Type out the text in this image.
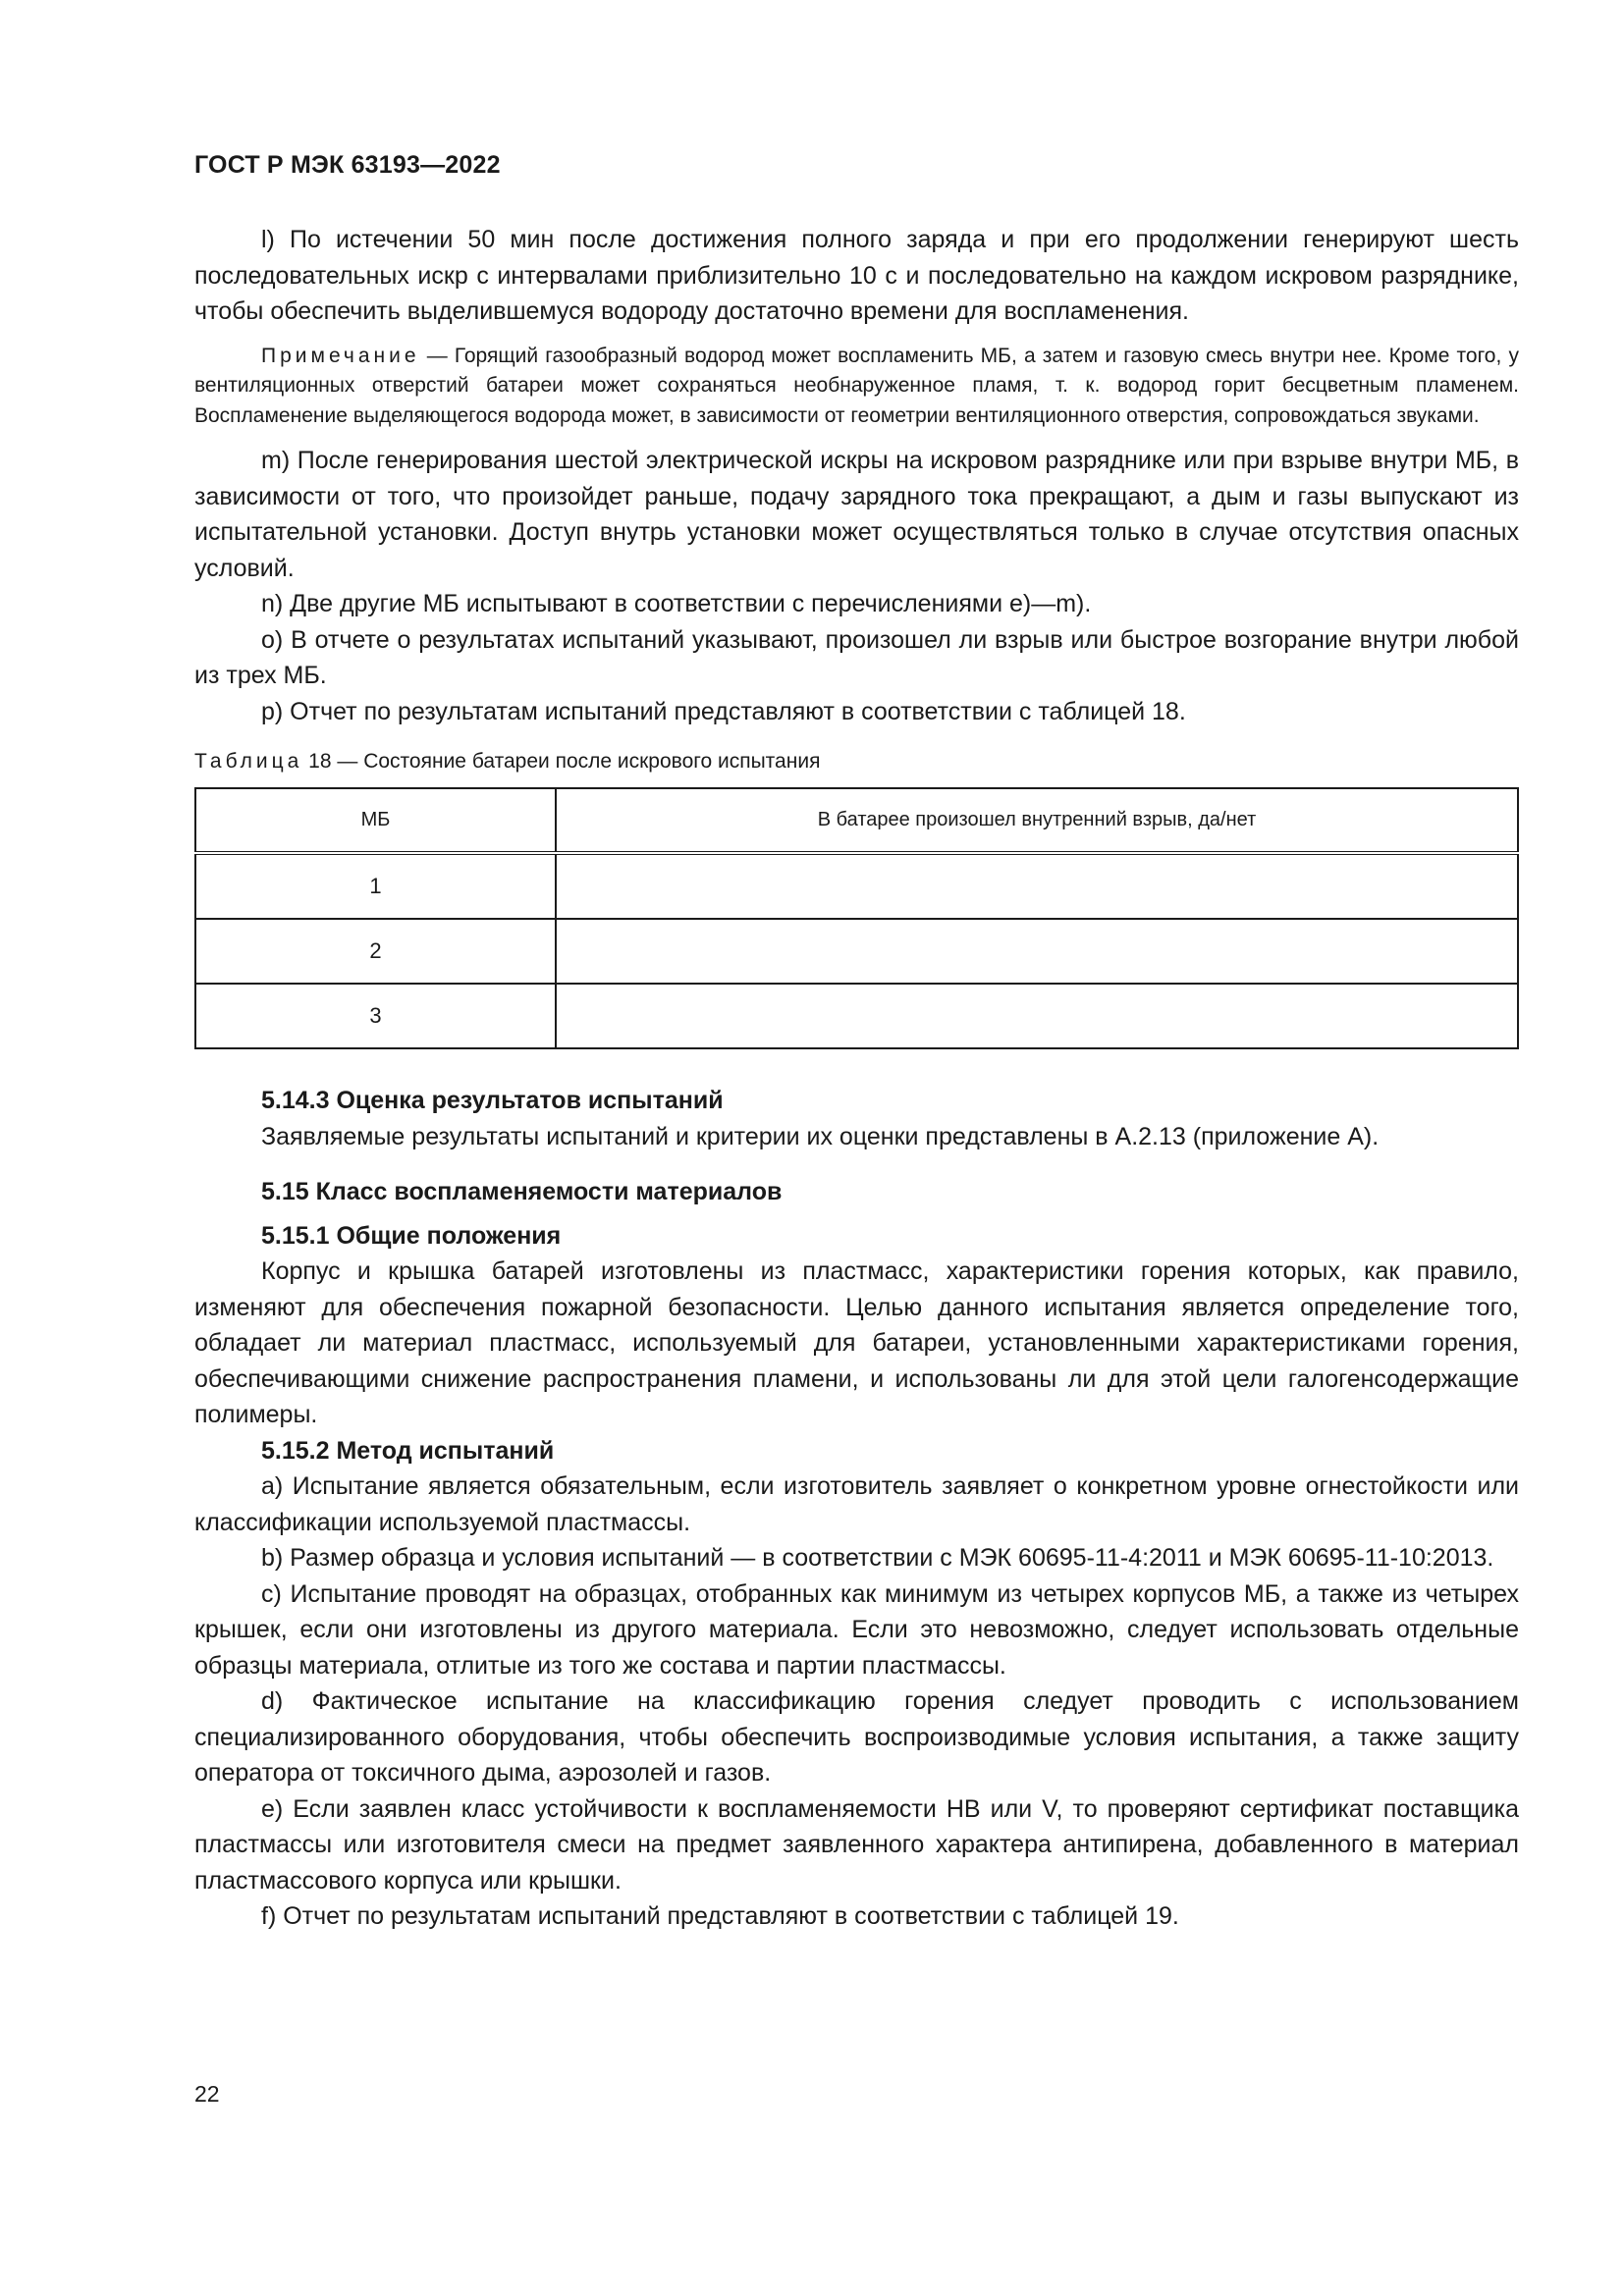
ГОСТ Р МЭК 63193—2022

l) По истечении 50 мин после достижения полного заряда и при его продолжении генерируют шесть последовательных искр с интервалами приблизительно 10 с и последовательно на каждом искровом разряднике, чтобы обеспечить выделившемуся водороду достаточно времени для воспламенения.

Примечание — Горящий газообразный водород может воспламенить МБ, а затем и газовую смесь внутри нее. Кроме того, у вентиляционных отверстий батареи может сохраняться необнаруженное пламя, т. к. водород горит бесцветным пламенем. Воспламенение выделяющегося водорода может, в зависимости от геометрии вентиляционного отверстия, сопровождаться звуками.

m) После генерирования шестой электрической искры на искровом разряднике или при взрыве внутри МБ, в зависимости от того, что произойдет раньше, подачу зарядного тока прекращают, а дым и газы выпускают из испытательной установки. Доступ внутрь установки может осуществляться только в случае отсутствия опасных условий.

n) Две другие МБ испытывают в соответствии с перечислениями е)—m).

о) В отчете о результатах испытаний указывают, произошел ли взрыв или быстрое возгорание внутри любой из трех МБ.

р) Отчет по результатам испытаний представляют в соответствии с таблицей 18.

Таблица 18 — Состояние батареи после искрового испытания

МБ	В батарее произошел внутренний взрыв, да/нет
1	
2	
3	

5.14.3 Оценка результатов испытаний

Заявляемые результаты испытаний и критерии их оценки представлены в А.2.13 (приложение А).

5.15 Класс воспламеняемости материалов

5.15.1 Общие положения

Корпус и крышка батарей изготовлены из пластмасс, характеристики горения которых, как правило, изменяют для обеспечения пожарной безопасности. Целью данного испытания является определение того, обладает ли материал пластмасс, используемый для батареи, установленными характеристиками горения, обеспечивающими снижение распространения пламени, и использованы ли для этой цели галогенсодержащие полимеры.

5.15.2 Метод испытаний

а) Испытание является обязательным, если изготовитель заявляет о конкретном уровне огнестойкости или классификации используемой пластмассы.

b) Размер образца и условия испытаний — в соответствии с МЭК 60695-11-4:2011 и МЭК 60695-11-10:2013.

с) Испытание проводят на образцах, отобранных как минимум из четырех корпусов МБ, а также из четырех крышек, если они изготовлены из другого материала. Если это невозможно, следует использовать отдельные образцы материала, отлитые из того же состава и партии пластмассы.

d) Фактическое испытание на классификацию горения следует проводить с использованием специализированного оборудования, чтобы обеспечить воспроизводимые условия испытания, а также защиту оператора от токсичного дыма, аэрозолей и газов.

е) Если заявлен класс устойчивости к воспламеняемости НВ или V, то проверяют сертификат поставщика пластмассы или изготовителя смеси на предмет заявленного характера антипирена, добавленного в материал пластмассового корпуса или крышки.

f) Отчет по результатам испытаний представляют в соответствии с таблицей 19.

22
